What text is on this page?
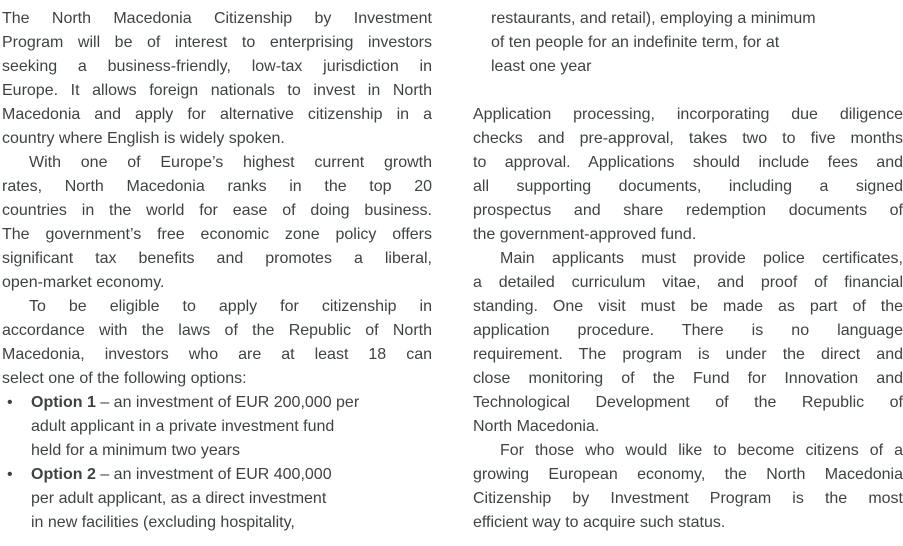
The North Macedonia Citizenship by Investment
Program will be of interest to enterprising investors
seeking a business-friendly, low-tax jurisdiction in
Europe. It allows foreign nationals to invest in North
Macedonia and apply for alternative citizenship in a
country where English is widely spoken.
With one of Europe’s highest current growth
rates, North Macedonia ranks in the top 20
countries in the world for ease of doing business.
The government’s free economic zone policy offers
significant tax benefits and promotes a liberal,
open-market economy.
To be eligible to apply for citizenship in
accordance with the laws of the Republic of North
Macedonia, investors who are at least 18 can
select one of the following options:
• Option 1 – an investment of EUR 200,000 per
adult applicant in a private investment fund
held for a minimum two years
• Option 2 – an investment of EUR 400,000
per adult applicant, as a direct investment
in new facilities (excluding hospitality,
restaurants, and retail), employing a minimum
of ten people for an indefinite term, for at
least one year
Application processing, incorporating due diligence
checks and pre-approval, takes two to five months
to approval. Applications should include fees and
all supporting documents, including a signed
prospectus and share redemption documents of
the government-approved fund.
Main applicants must provide police certificates,
a detailed curriculum vitae, and proof of financial
standing. One visit must be made as part of the
application procedure. There is no language
requirement. The program is under the direct and
close monitoring of the Fund for Innovation and
Technological Development of the Republic of
North Macedonia.
For those who would like to become citizens of a
growing European economy, the North Macedonia
Citizenship by Investment Program is the most
efficient way to acquire such status.
